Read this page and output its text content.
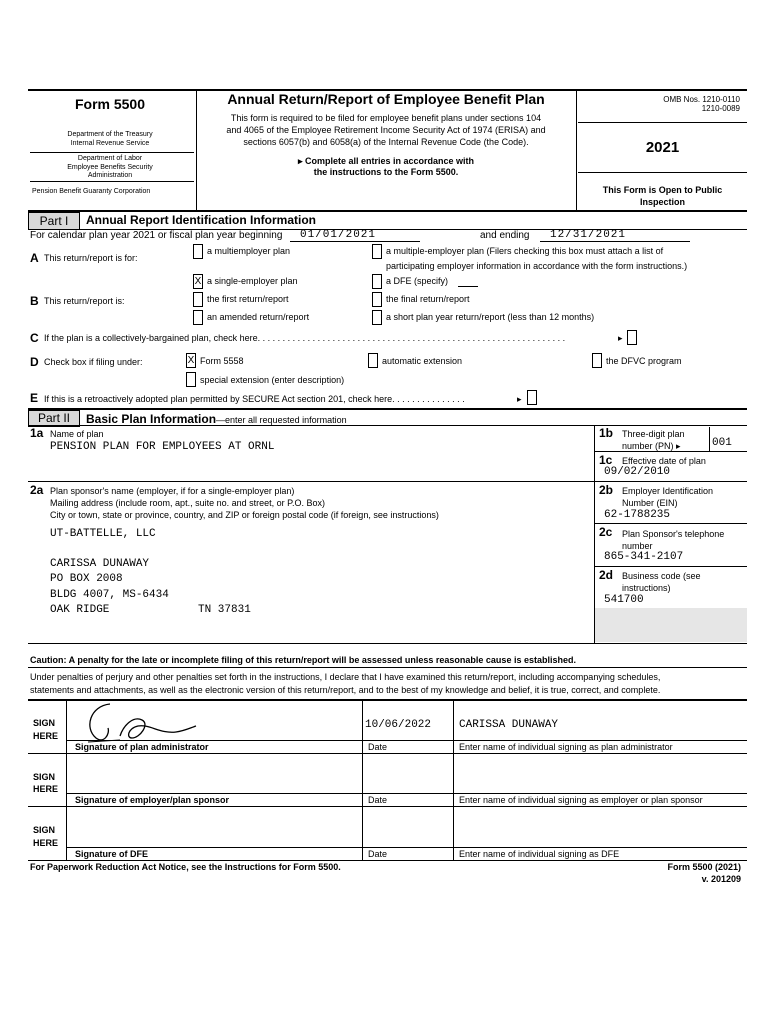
Form 5500
Department of the Treasury
Internal Revenue Service
Department of Labor
Employee Benefits Security
Administration
Pension Benefit Guaranty Corporation
Annual Return/Report of Employee Benefit Plan
This form is required to be filed for employee benefit plans under sections 104
and 4065 of the Employee Retirement Income Security Act of 1974 (ERISA) and
sections 6057(b) and 6058(a) of the Internal Revenue Code (the Code).
▸ Complete all entries in accordance with
the instructions to the Form 5500.
OMB Nos. 1210-0110
1210-0089
2021
This Form is Open to Public
Inspection
Part I	Annual Report Identification Information
For calendar plan year 2021 or fiscal plan year beginning 01/01/2021	and ending 12/31/2021
A This return/report is for:
a multiemployer plan	a multiple-employer plan (Filers checking this box must attach a list of
participating employer information in accordance with the form instructions.)
X a single-employer plan	a DFE (specify)
B This return/report is:	the first return/report	the final return/report
an amended return/report	a short plan year return/report (less than 12 months)
C If the plan is a collectively-bargained plan, check here. . . . . . . . . . . . . . . . . . . . . . . . . . . . . . . . . . . . . . . . . . . . . . . . . . . . . . . . . . . . . .	▸
D Check box if filing under:	X Form 5558	automatic extension	the DFVC program
special extension (enter description)
E If this is a retroactively adopted plan permitted by SECURE Act section 201, check here. . . . . . . . . . . . . . .	▸
Part II	Basic Plan Information—enter all requested information
1a Name of plan
PENSION PLAN FOR EMPLOYEES AT ORNL
1b Three-digit plan
number (PN) ▸	001
1c Effective date of plan
09/02/2010
2a Plan sponsor's name (employer, if for a single-employer plan)
Mailing address (include room, apt., suite no. and street, or P.O. Box)
City or town, state or province, country, and ZIP or foreign postal code (if foreign, see instructions)
UT-BATTELLE, LLC
CARISSA DUNAWAY
PO BOX 2008
BLDG 4007, MS-6434
OAK RIDGE	TN 37831
2b Employer Identification
Number (EIN)
62-1788235
2c Plan Sponsor's telephone
number
865-341-2107
2d Business code (see
instructions)
541700
Caution: A penalty for the late or incomplete filing of this return/report will be assessed unless reasonable cause is established.
Under penalties of perjury and other penalties set forth in the instructions, I declare that I have examined this return/report, including accompanying schedules,
statements and attachments, as well as the electronic version of this return/report, and to the best of my knowledge and belief, it is true, correct, and complete.
SIGN
HERE
10/06/2022	CARISSA DUNAWAY
Signature of plan administrator	Date	Enter name of individual signing as plan administrator
SIGN
HERE
Signature of employer/plan sponsor	Date	Enter name of individual signing as employer or plan sponsor
SIGN
HERE
Signature of DFE	Date	Enter name of individual signing as DFE
For Paperwork Reduction Act Notice, see the Instructions for Form 5500.	Form 5500 (2021)
v. 201209
